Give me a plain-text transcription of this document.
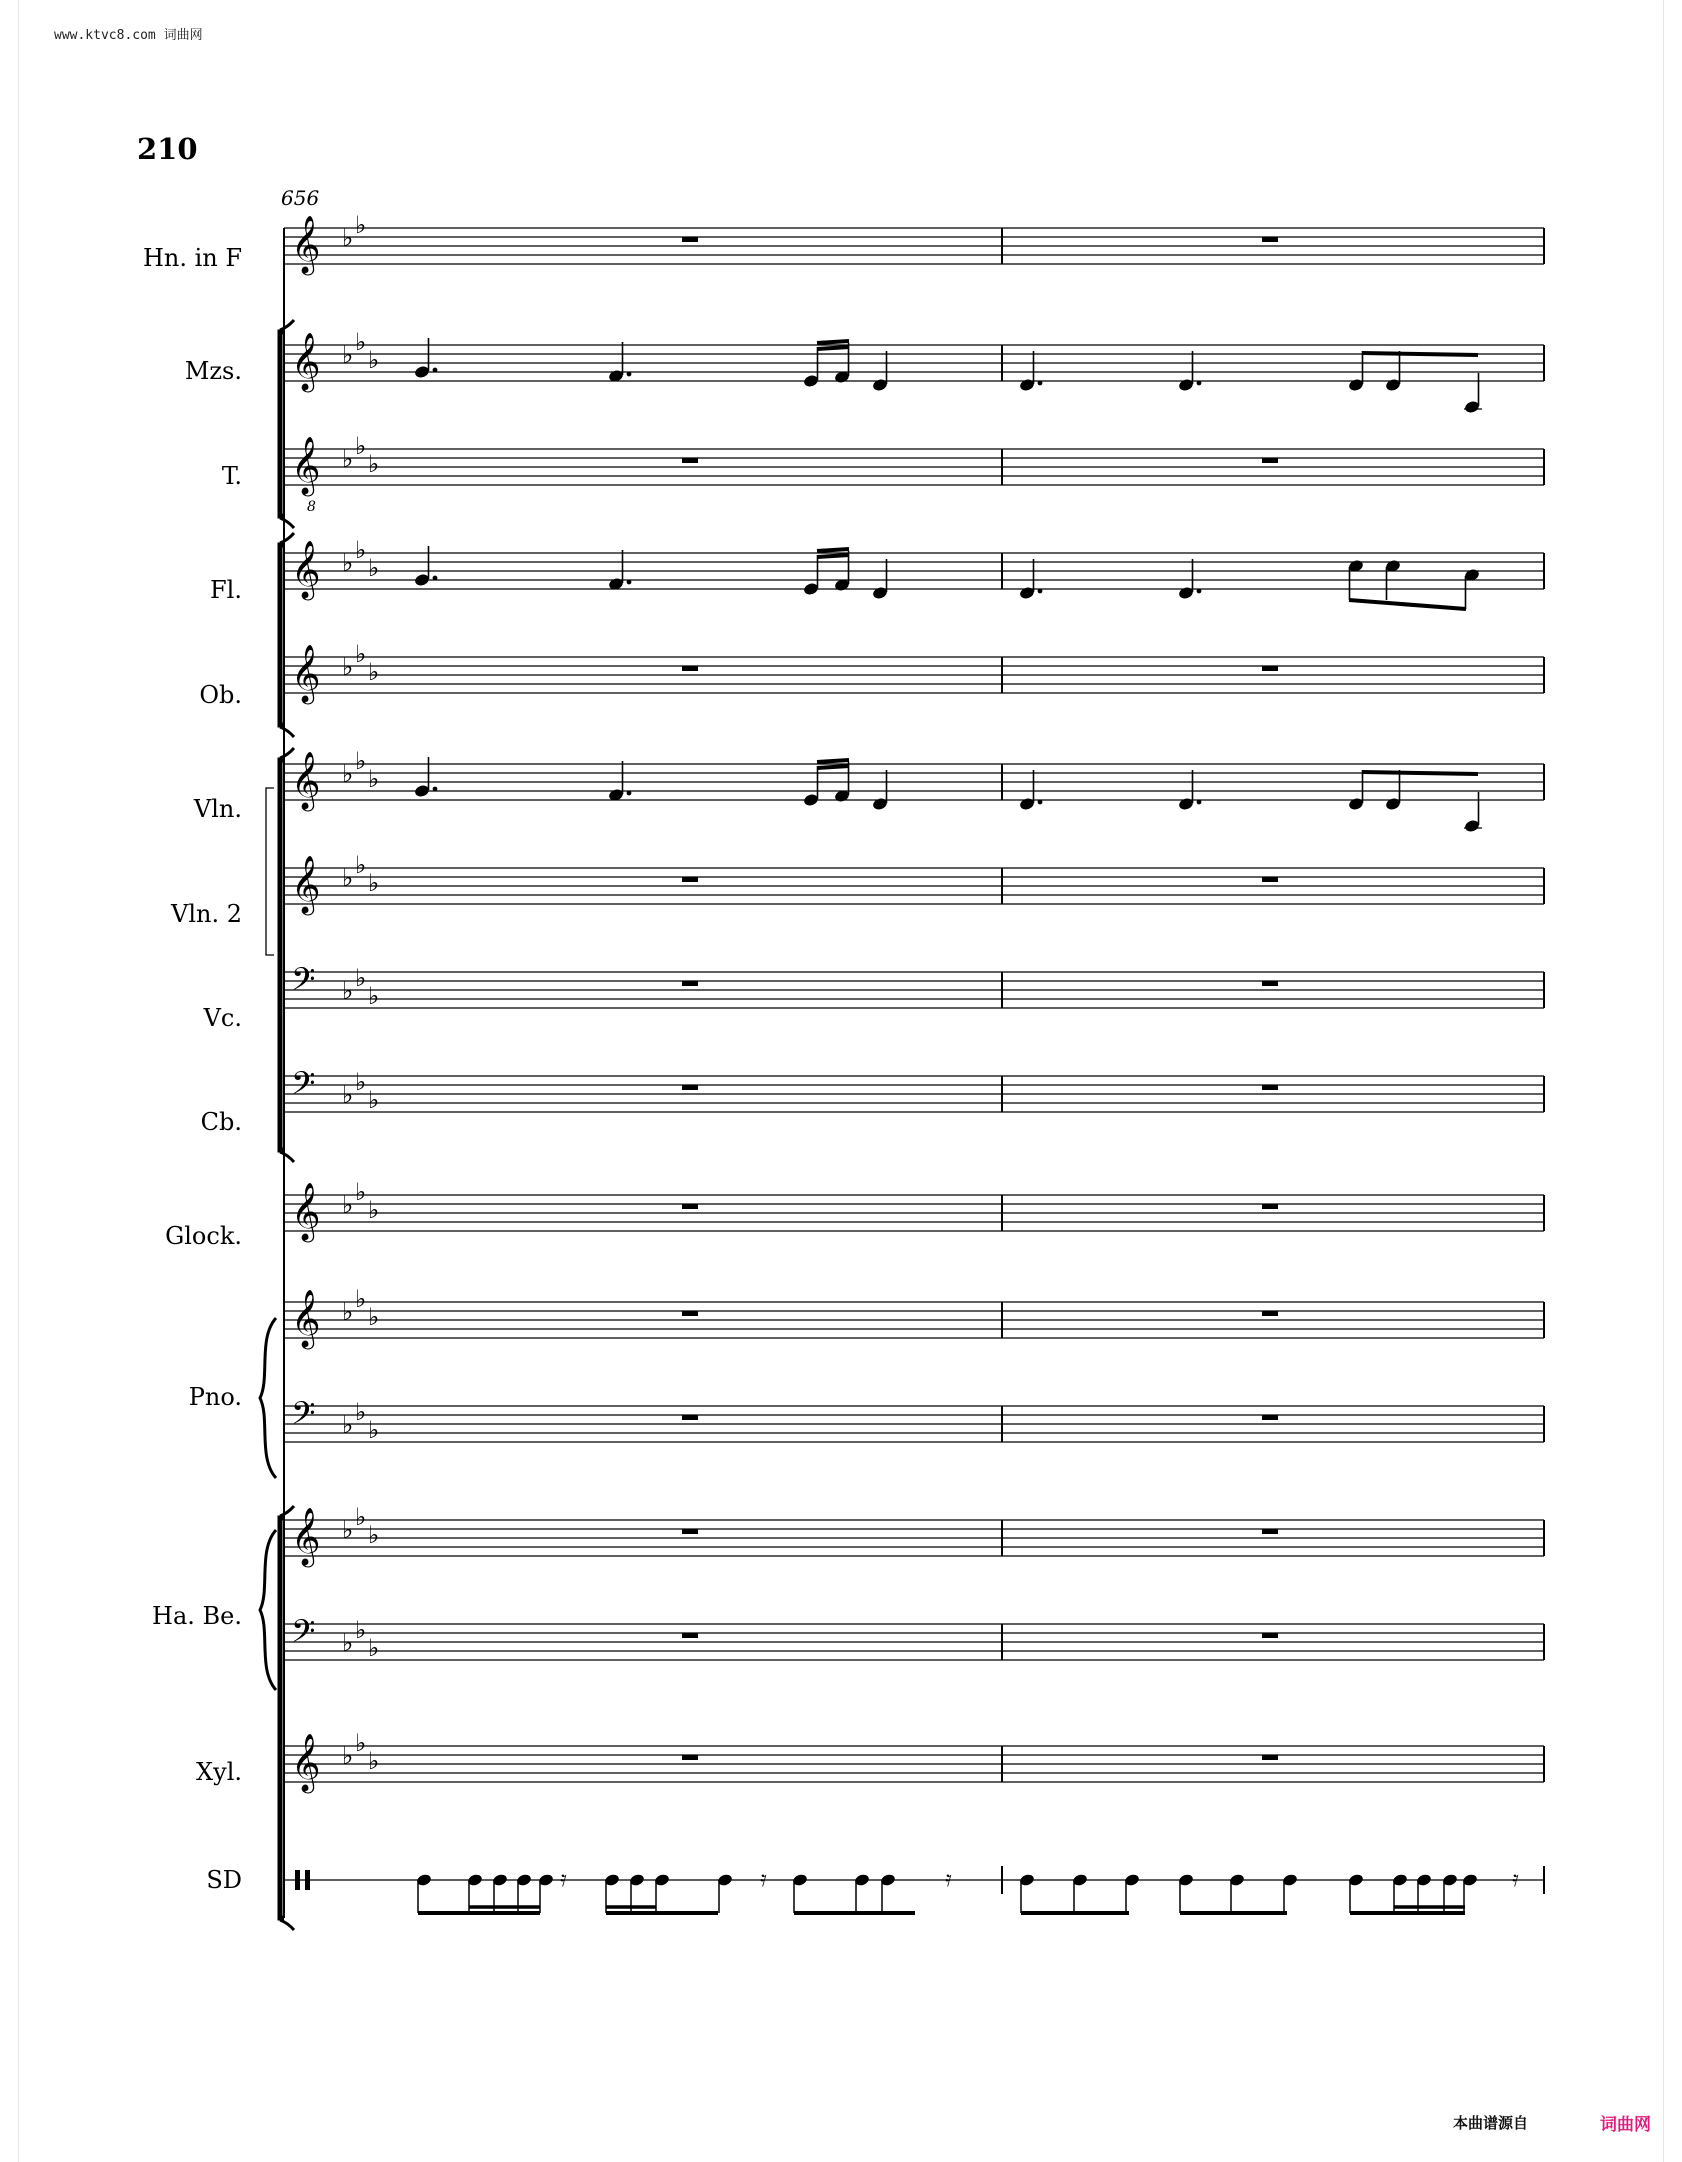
www.ktvc8.com 词曲网
210
656
Hn. in F
Mzs.
T.
Fl.
Ob.
Vln.
Vln. 2
Vc.
Cb.
Glock.
Pno.
Ha. Be.
Xyl.
SD
𝄞 ♭ ♭
𝄞 ♭ ♭
♭
𝄞
8
♭ ♭
♭
𝄞 ♭ ♭
♭
𝄞 ♭ ♭
♭
𝄞 ♭ ♭
♭
𝄞 ♭ ♭
♭
𝄢 ♭ ♭
♭
𝄢 ♭ ♭
♭
𝄞 ♭ ♭
♭
𝄞 ♭ ♭
♭
𝄢 ♭ ♭
♭
𝄞 ♭ ♭
♭
𝄢 ♭ ♭
♭
𝄞 ♭ ♭
♭
𝄿	𝄿	𝄿	𝄿
本曲谱源自	词曲网
